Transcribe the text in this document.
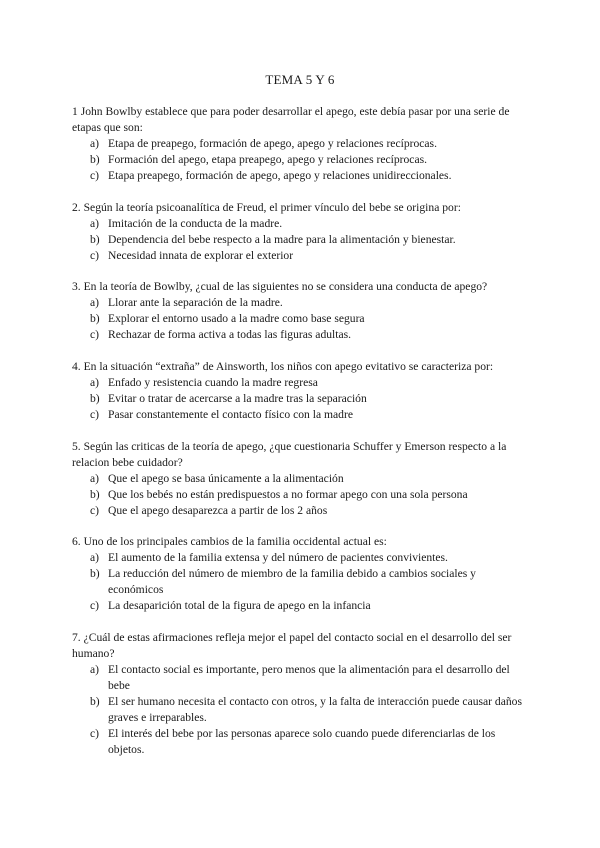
TEMA 5 Y 6

1 John Bowlby establece que para poder desarrollar el apego, este debía pasar por una serie de etapas que son:

a) Etapa de preapego, formación de apego, apego y relaciones recíprocas.
b) Formación del apego, etapa preapego, apego y relaciones recíprocas.
c) Etapa preapego, formación de apego, apego y relaciones unidireccionales.

2. Según la teoría psicoanalítica de Freud, el primer vínculo del bebe se origina por:

a) Imitación de la conducta de la madre.
b) Dependencia del bebe respecto a la madre para la alimentación y bienestar.
c) Necesidad innata de explorar el exterior

3. En la teoría de Bowlby, ¿cual de las siguientes no se considera una conducta de apego?

a) Llorar ante la separación de la madre.
b) Explorar el entorno usado a la madre como base segura
c) Rechazar de forma activa a todas las figuras adultas.

4. En la situación “extraña” de Ainsworth, los niños con apego evitativo se caracteriza por:

a) Enfado y resistencia cuando la madre regresa
b) Evitar o tratar de acercarse a la madre tras la separación
c) Pasar constantemente el contacto físico con la madre

5. Según las criticas de la teoría de apego, ¿que cuestionaria Schuffer y Emerson respecto a la relacion bebe cuidador?

a) Que el apego se basa únicamente a la alimentación
b) Que los bebés no están predispuestos a no formar apego con una sola persona
c) Que el apego desaparezca a partir de los 2 años

6. Uno de los principales cambios de la familia occidental actual es:

a) El aumento de la familia extensa y del número de pacientes convivientes.
b) La reducción del número de miembro de la familia debido a cambios sociales y económicos
c) La desaparición total de la figura de apego en la infancia

7. ¿Cuál de estas afirmaciones refleja mejor el papel del contacto social en el desarrollo del ser humano?

a) El contacto social es importante, pero menos que la alimentación para el desarrollo del bebe
b) El ser humano necesita el contacto con otros, y la falta de interacción puede causar daños graves e irreparables.
c) El interés del bebe por las personas aparece solo cuando puede diferenciarlas de los objetos.
